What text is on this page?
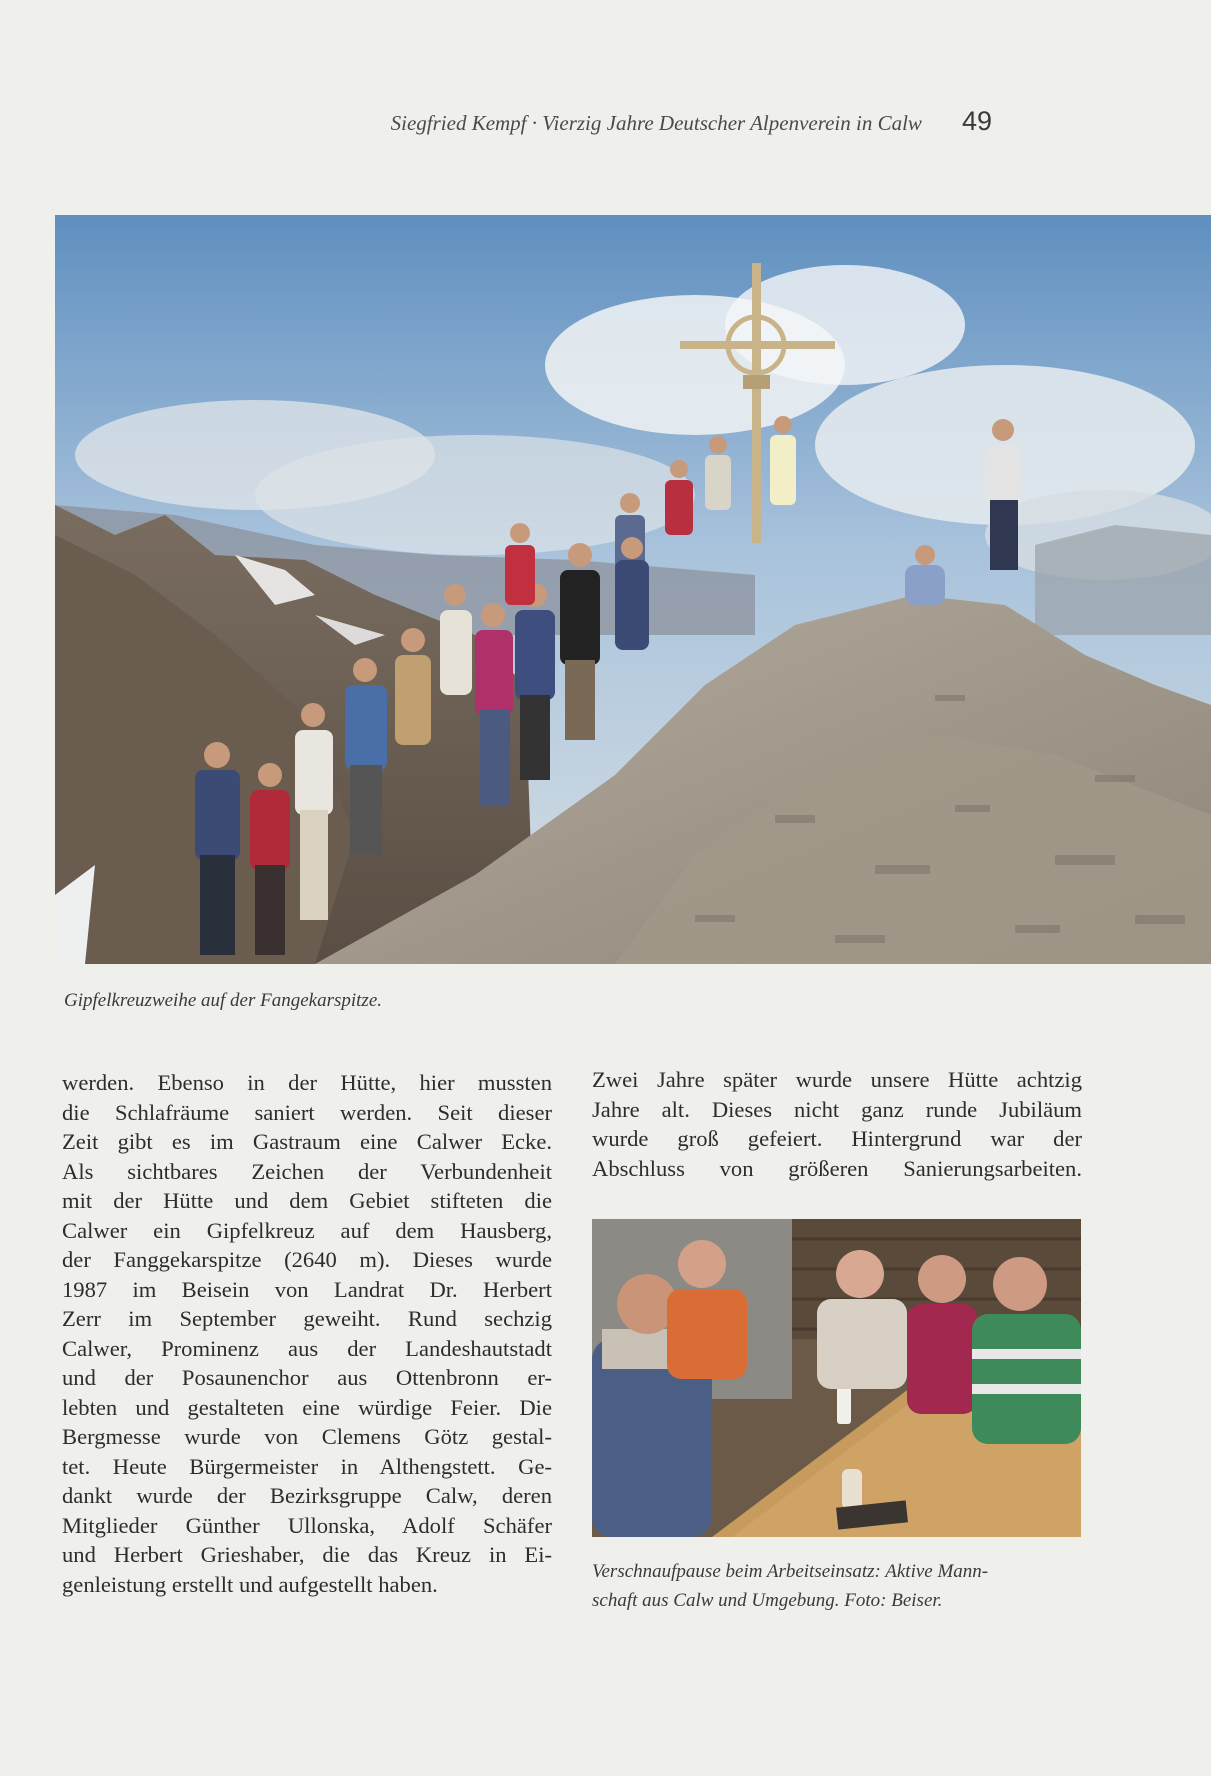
Siegfried Kempf · Vierzig Jahre Deutscher Alpenverein in Calw 49
Gipfelkreuzweihe auf der Fangekarspitze.
werden. Ebenso in der Hütte, hier mussten
die Schlafräume saniert werden. Seit dieser
Zeit gibt es im Gastraum eine Calwer Ecke.
Als sichtbares Zeichen der Verbundenheit
mit der Hütte und dem Gebiet stifteten die
Calwer ein Gipfelkreuz auf dem Hausberg,
der Fanggekarspitze (2640 m). Dieses wurde
1987 im Beisein von Landrat Dr. Herbert
Zerr im September geweiht. Rund sechzig
Calwer, Prominenz aus der Landeshautstadt
und der Posaunenchor aus Ottenbronn er-
lebten und gestalteten eine würdige Feier. Die
Bergmesse wurde von Clemens Götz gestal-
tet. Heute Bürgermeister in Althengstett. Ge-
dankt wurde der Bezirksgruppe Calw, deren
Mitglieder Günther Ullonska, Adolf Schäfer
und Herbert Grieshaber, die das Kreuz in Ei-
genleistung erstellt und aufgestellt haben.
Zwei Jahre später wurde unsere Hütte achtzig
Jahre alt. Dieses nicht ganz runde Jubiläum
wurde groß gefeiert. Hintergrund war der
Abschluss von größeren Sanierungsarbeiten.
Verschnaufpause beim Arbeitseinsatz: Aktive Mann-
schaft aus Calw und Umgebung. Foto: Beiser.
